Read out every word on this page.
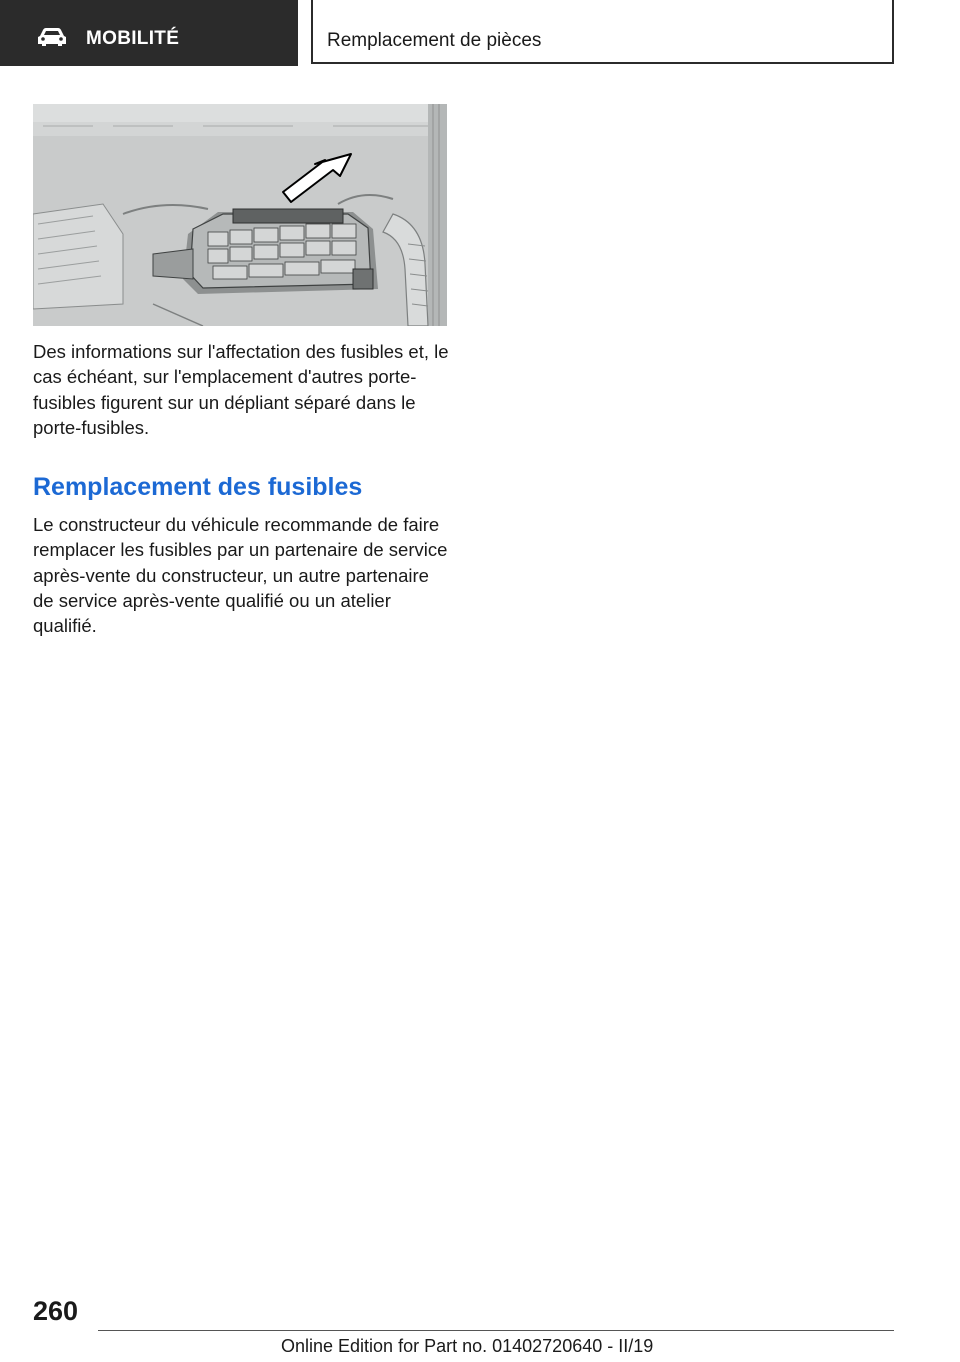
MOBILITÉ	Remplacement de pièces
Des informations sur l'affectation des fusibles et, le cas échéant, sur l'emplacement d'autres porte-fusibles figurent sur un dépliant séparé dans le porte-fusibles.
Remplacement des fusibles
Le constructeur du véhicule recommande de faire remplacer les fusibles par un partenaire de service après-vente du constructeur, un autre partenaire de service après-vente qualifié ou un atelier qualifié.
260
Online Edition for Part no. 01402720640 - II/19
